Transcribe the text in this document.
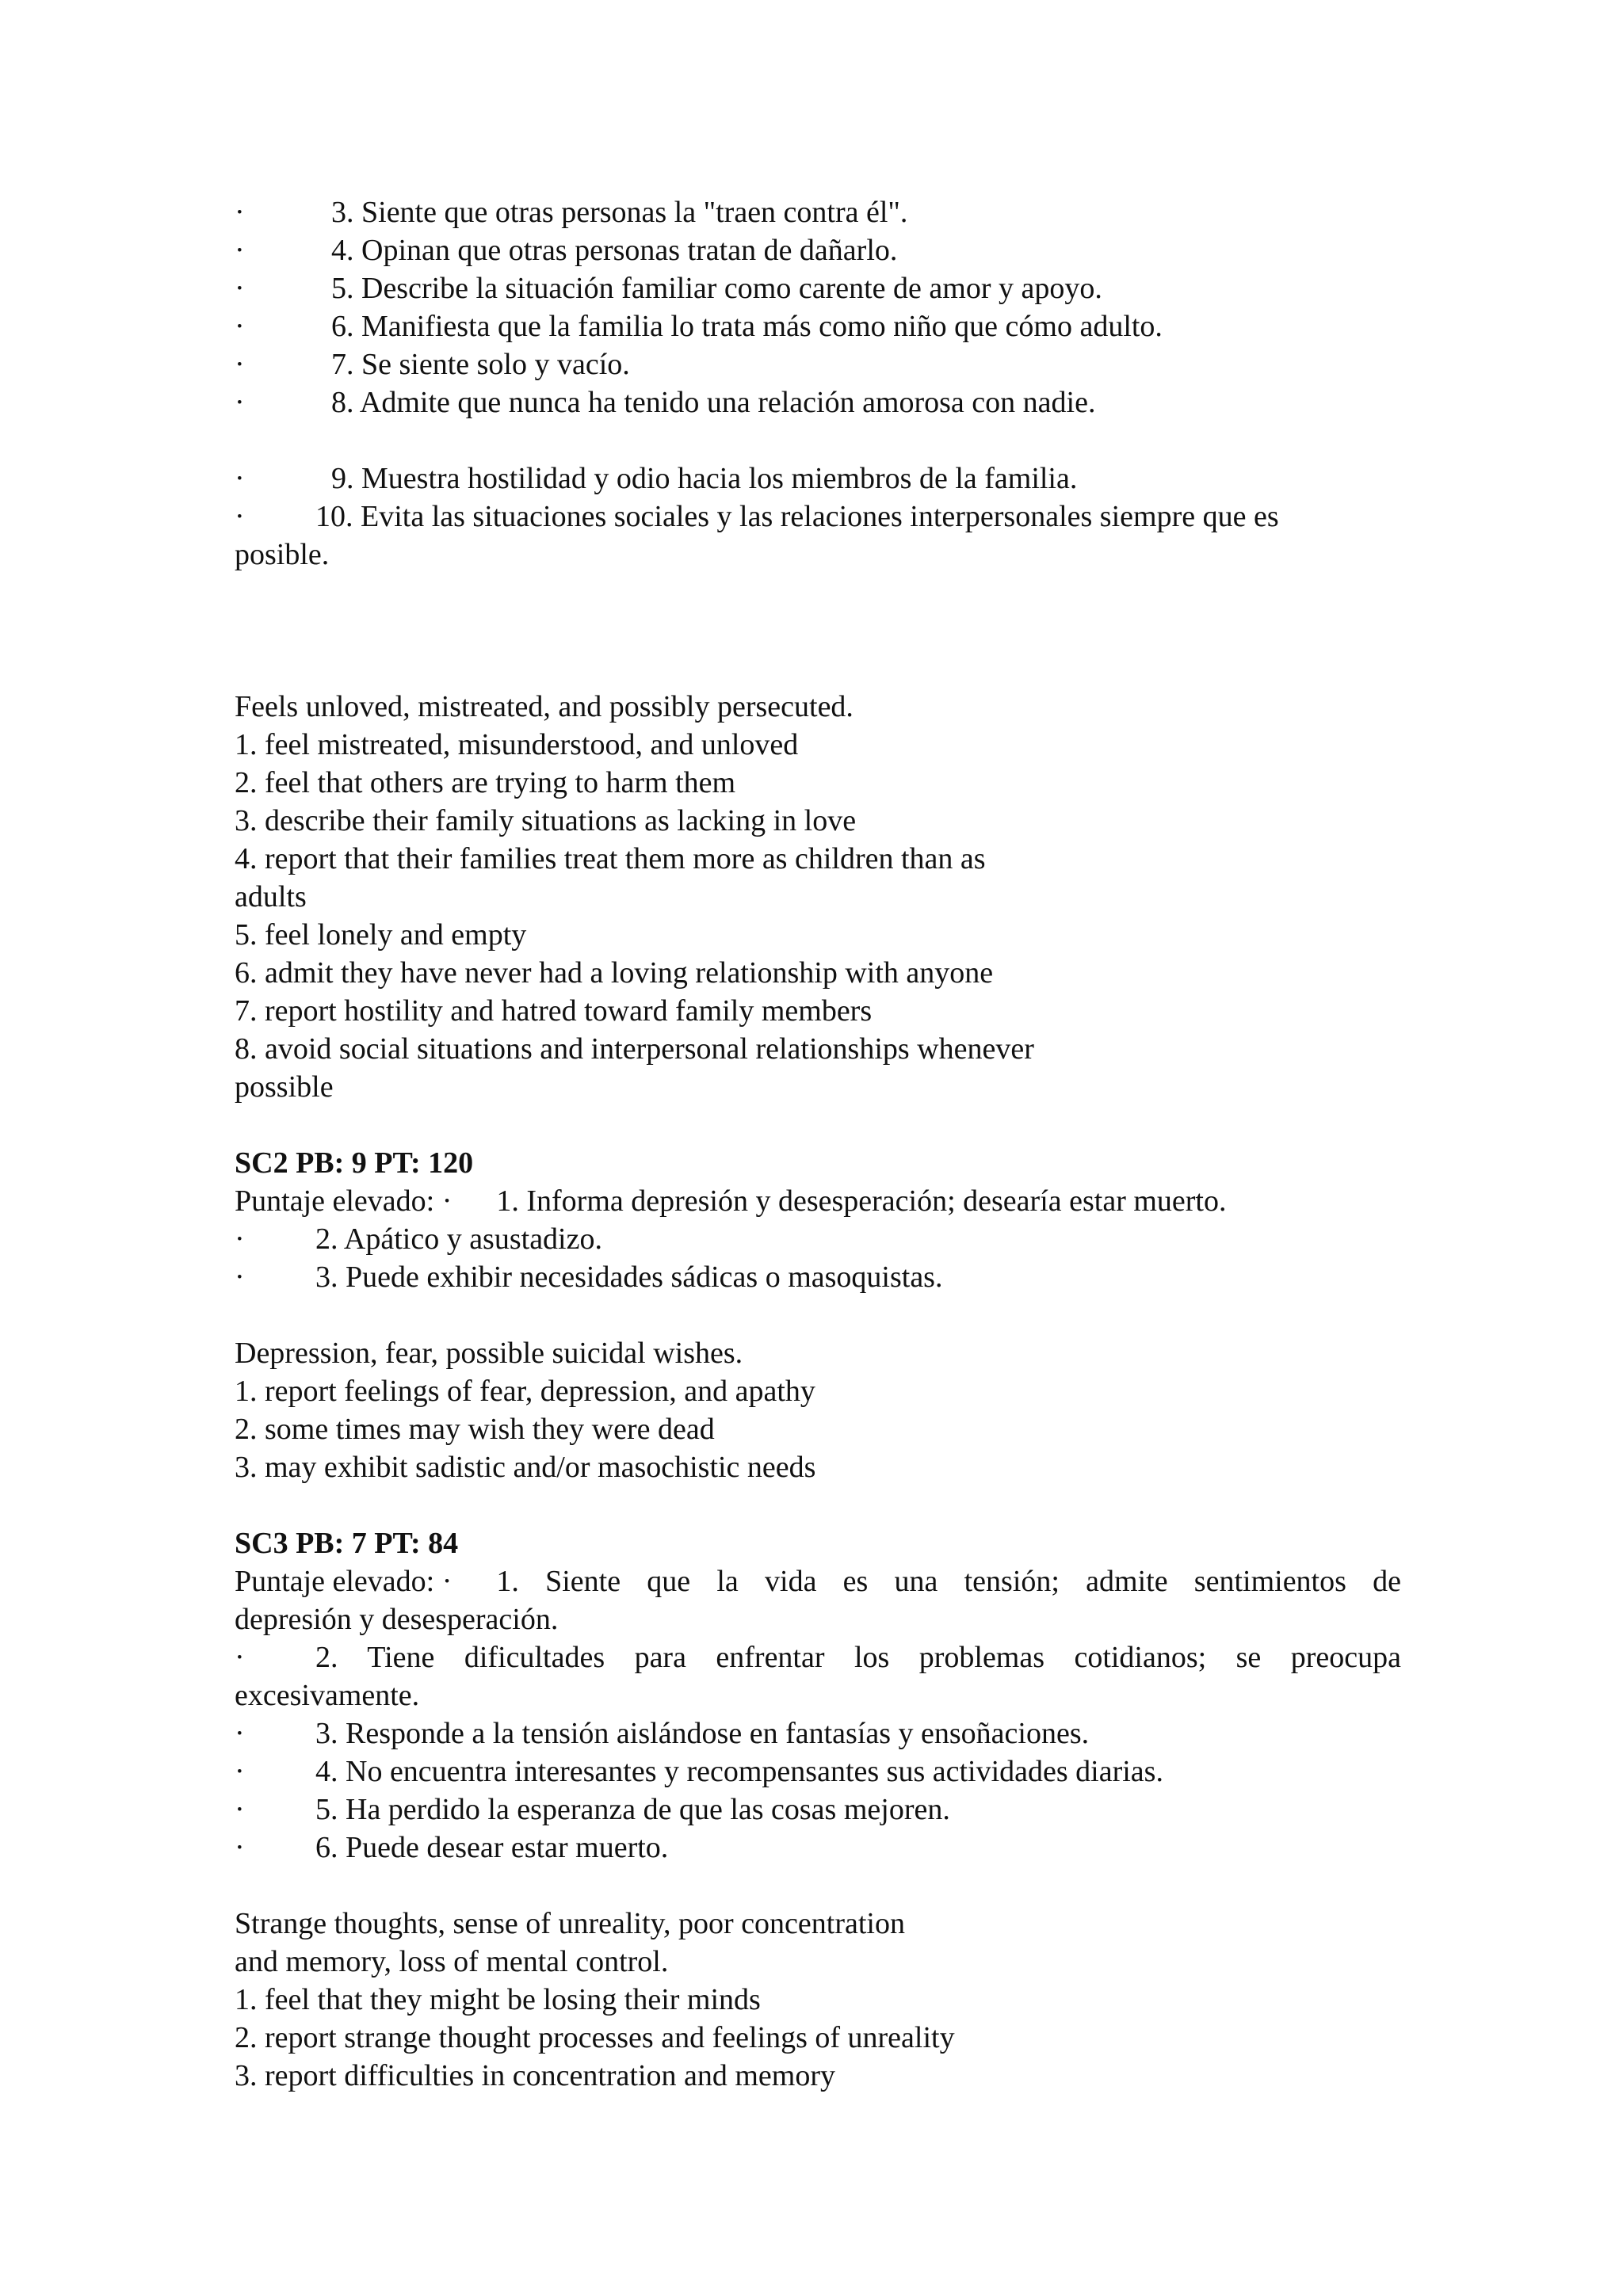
·	3. Siente que otras personas la "traen contra él".
·	4. Opinan que otras personas tratan de dañarlo.
·	5. Describe la situación familiar como carente de amor y apoyo.
·	6. Manifiesta que la familia lo trata más como niño que cómo adulto.
·	7. Se siente solo y vacío.
·	8. Admite que nunca ha tenido una relación amorosa con nadie.
·	9. Muestra hostilidad y odio hacia los miembros de la familia.
·	10. Evita las situaciones sociales y las relaciones interpersonales siempre que es
posible.
Feels unloved, mistreated, and possibly persecuted.
1. feel mistreated, misunderstood, and unloved
2. feel that others are trying to harm them
3. describe their family situations as lacking in love
4. report that their families treat them more as children than as
adults
5. feel lonely and empty
6. admit they have never had a loving relationship with anyone
7. report hostility and hatred toward family members
8. avoid social situations and interpersonal relationships whenever
possible
SC2 PB: 9 PT: 120
Puntaje elevado: · 1. Informa depresión y desesperación; desearía estar muerto.
·	2. Apático y asustadizo.
·	3. Puede exhibir necesidades sádicas o masoquistas.
Depression, fear, possible suicidal wishes.
1. report feelings of fear, depression, and apathy
2. some times may wish they were dead
3. may exhibit sadistic and/or masochistic needs
SC3 PB: 7 PT: 84
Puntaje elevado: · 1. Siente que la vida es una tensión; admite sentimientos de
depresión y desesperación.
·	2. Tiene dificultades para enfrentar los problemas cotidianos; se preocupa
excesivamente.
·	3. Responde a la tensión aislándose en fantasías y ensoñaciones.
·	4. No encuentra interesantes y recompensantes sus actividades diarias.
·	5. Ha perdido la esperanza de que las cosas mejoren.
·	6. Puede desear estar muerto.
Strange thoughts, sense of unreality, poor concentration
and memory, loss of mental control.
1. feel that they might be losing their minds
2. report strange thought processes and feelings of unreality
3. report difficulties in concentration and memory
